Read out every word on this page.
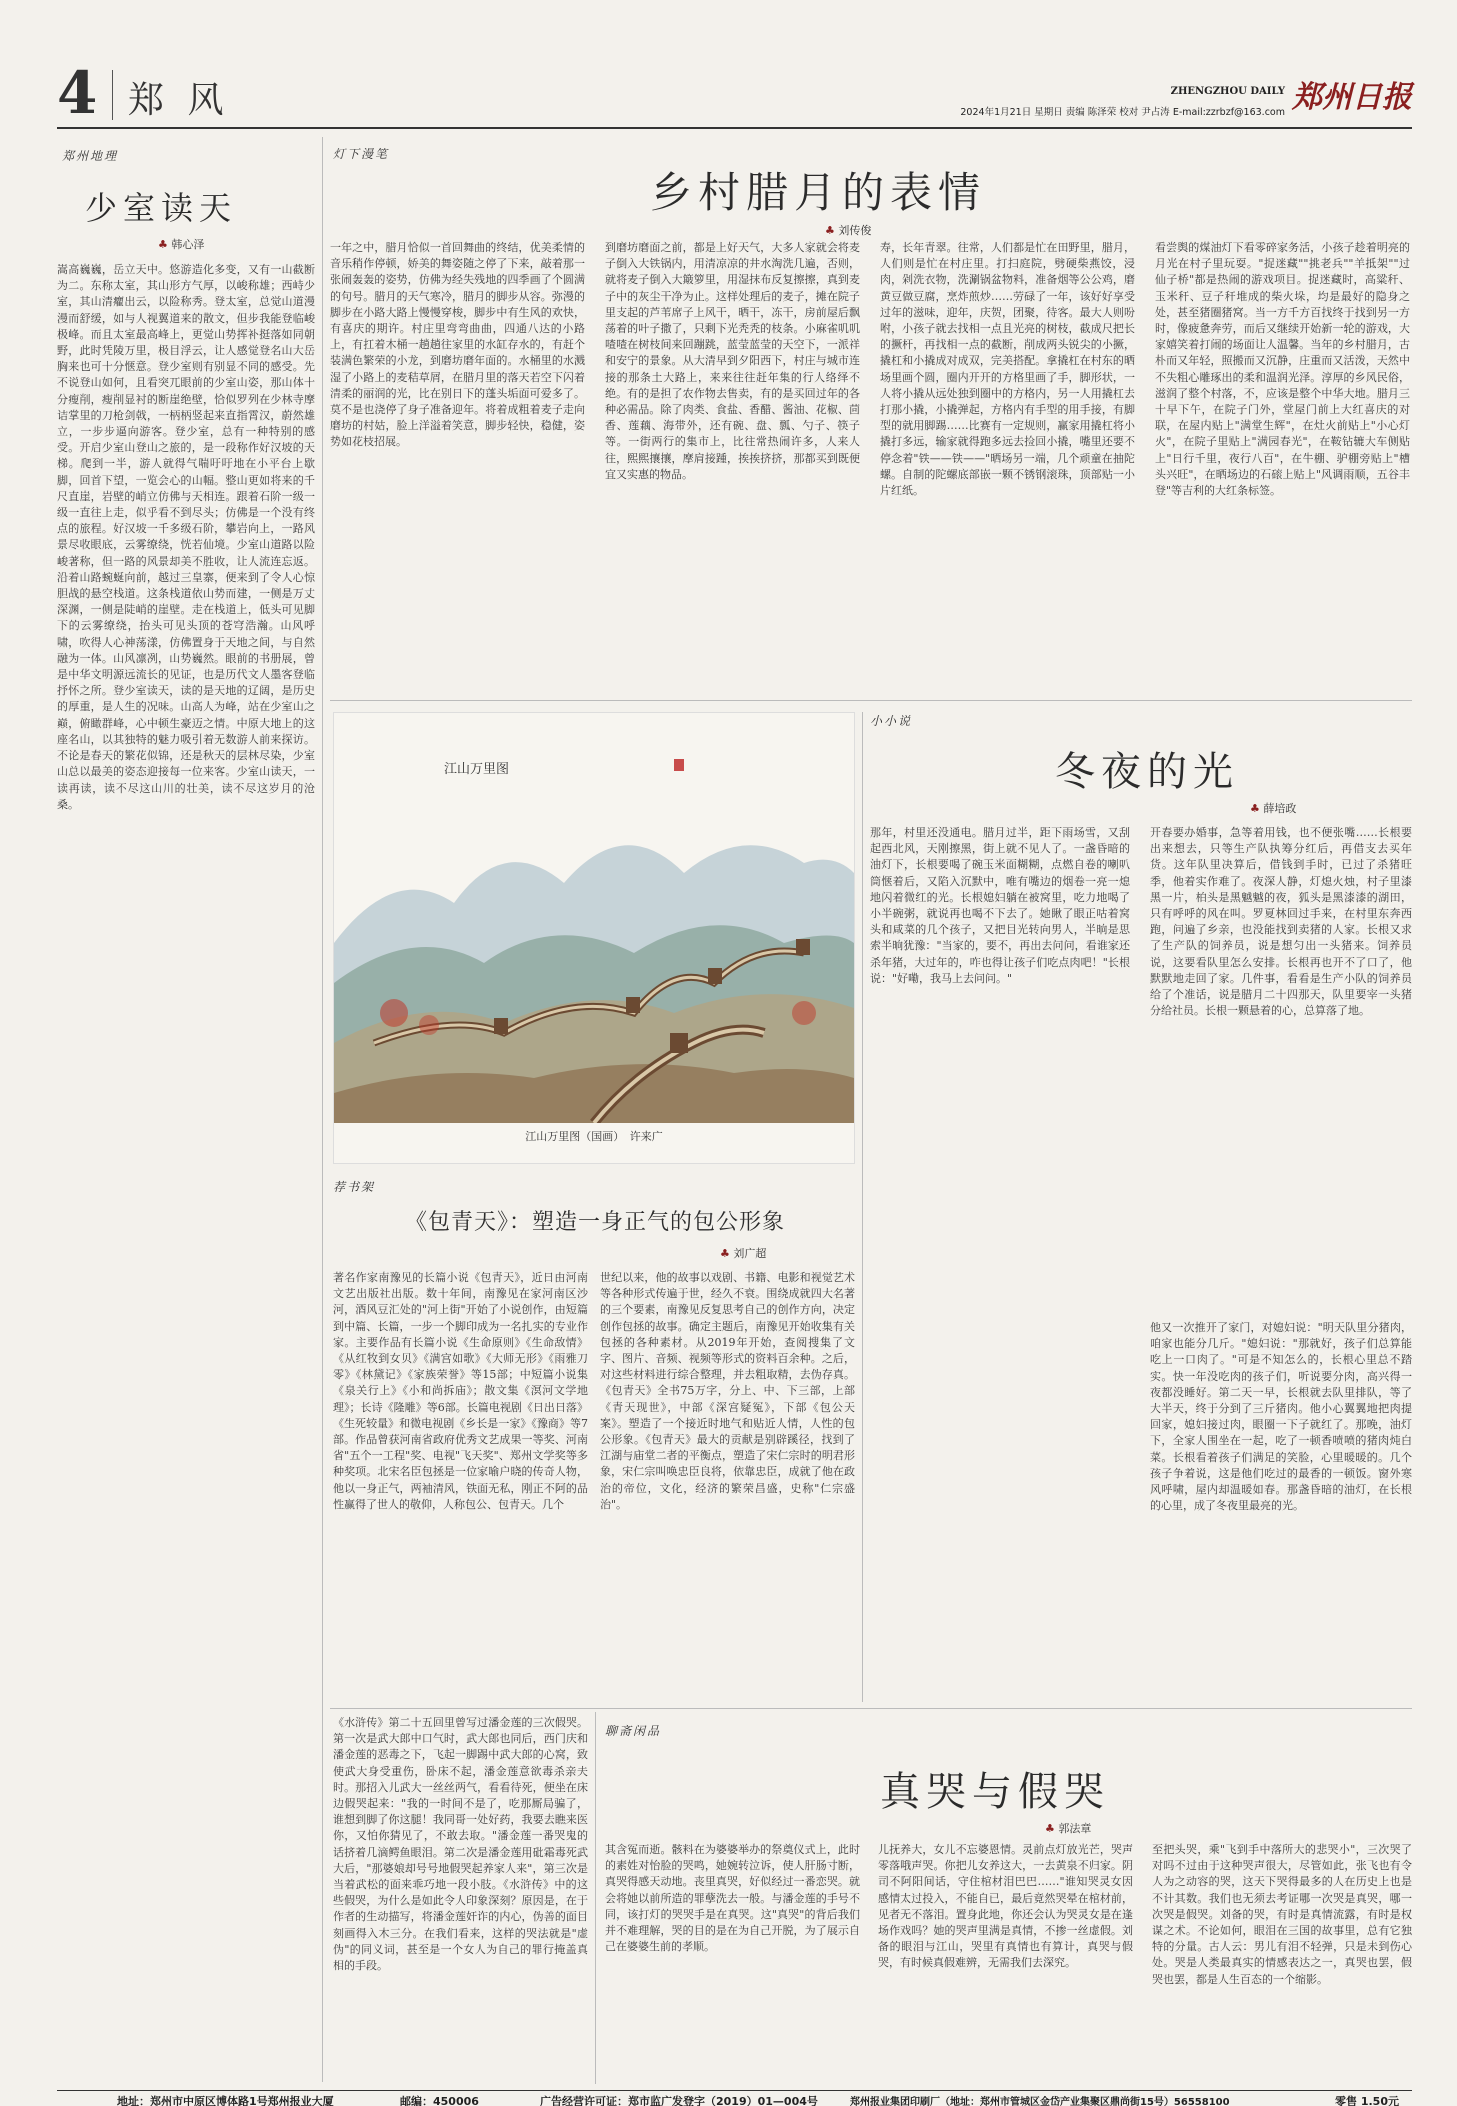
4 郑 风	ZHENGZHOU DAILY 郑州日报
2024年1月21日 星期日 责编 陈泽荣 校对 尹占涛 E-mail:zzrbzf@163.com
郑州地理
少室读天
♣ 韩心泽
嵩高巍巍，岳立天中。悠游造化多变，又有一山截断为二。东称太室，其山形方气厚，以峻称雄；西峙少室，其山清癯出云，以险称秀。登太室，总觉山道漫漫而舒缓，如与人视翼道来的散文，但步我能登临峻极峰。而且太室最高峰上，更觉山势挥补挺落如同朝野，此时凭陵万里，极目浮云，让人感觉登名山大岳胸来也可十分惬意。登少室则有别显不同的感受。先不说登山如何，且看突兀眼前的少室山姿，那山体十分瘦削，瘦削显衬的断崖绝壁，恰似罗列在少林寺摩诘掌里的刀枪剑戟，一柄柄竖起来直指霄汉，蔚然雄立，一步步逼向游客。登少室，总有一种特别的感受。开启少室山登山之旅的，是一段称作好汉坡的天梯。爬到一半，游人就得气喘吁吁地在小平台上歇脚，回首下望，一览会心的山幅。整山更如将来的千尺直崖，岩壁的峭立仿佛与天相连。跟着石阶一级一级一直往上走，似乎看不到尽头；仿佛是一个没有终点的旅程。好汉坡一千多级石阶，攀岩向上，一路风景尽收眼底，云雾缭绕，恍若仙境。少室山道路以险峻著称，但一路的风景却美不胜收，让人流连忘返。沿着山路蜿蜒向前，越过三皇寨，便来到了令人心惊胆战的悬空栈道。这条栈道依山势而建，一侧是万丈深渊，一侧是陡峭的崖壁。走在栈道上，低头可见脚下的云雾缭绕，抬头可见头顶的苍穹浩瀚。山风呼啸，吹得人心神荡漾，仿佛置身于天地之间，与自然融为一体。山风凛冽，山势巍然。眼前的书册展，曾是中华文明源远流长的见证，也是历代文人墨客登临抒怀之所。登少室读天，读的是天地的辽阔，是历史的厚重，是人生的况味。山高人为峰，站在少室山之巅，俯瞰群峰，心中顿生豪迈之情。中原大地上的这座名山，以其独特的魅力吸引着无数游人前来探访。不论是春天的繁花似锦，还是秋天的层林尽染，少室山总以最美的姿态迎接每一位来客。少室山读天，一读再读，读不尽这山川的壮美，读不尽这岁月的沧桑。
灯下漫笔
乡村腊月的表情
♣ 刘传俊
一年之中，腊月恰似一首回舞曲的终结，优美柔情的音乐稍作停顿，娇美的舞姿随之停了下来，敲着那一张闹轰轰的姿势，仿佛为经失残地的四季画了个圆满的句号。腊月的天气寒冷，腊月的脚步从容。弥漫的脚步在小路大路上慢慢穿梭，脚步中有生风的欢快，有喜庆的期许。村庄里弯弯曲曲，四通八达的小路上，有扛着木桶一趟趟往家里的水缸存水的，有赶个装满色繁荣的小龙，到磨坊磨年面的。水桶里的水溅湿了小路上的麦秸草屑，在腊月里的落天若空下闪着清柔的丽润的光，比在别日下的蓬头垢面可爱多了。莫不是也浇停了身子准备迎年。将着成粗着麦子走向磨坊的村姑，脸上洋溢着笑意，脚步轻快，稳健，姿势如花枝招展。
到磨坊磨面之前，都是上好天气，大多人家就会将麦子倒入大铁锅内，用清凉凉的井水淘洗几遍，否则，就将麦子倒入大簸箩里，用湿抹布反复擦擦，真到麦子中的灰尘干净为止。这样处理后的麦子，摊在院子里支起的芦苇席子上风干，晒干，冻干，房前屋后飘荡着的叶子撒了，只剩下光秃秃的枝条。小麻雀叽叽喳喳在树枝间来回蹦跳，蓝莹蓝莹的天空下，一派祥和安宁的景象。从大清早到夕阳西下，村庄与城市连接的那条土大路上，来来往往赶年集的行人络绎不绝。有的是担了农作物去售卖，有的是买回过年的各种必需品。除了肉类、食盐、香醋、酱油、花椒、茴香、莲藕、海带外，还有碗、盘、瓢、勺子、筷子等。一街两行的集市上，比往常热闹许多，人来人往，熙熙攘攘，摩肩接踵，挨挨挤挤，那都买到既便宜又实惠的物品。
寿，长年青翠。往常，人们都是忙在田野里，腊月，人们则是忙在村庄里。打扫庭院，劈硬柴燕饺，浸肉，剁洗衣物，洗涮锅盆物料，准备烟等公公鸡，磨黄豆做豆腐，烹炸煎炒……劳碌了一年，该好好享受过年的滋味，迎年，庆贺，团聚，待客。最大人则吩咐，小孩子就去找相一点且光亮的树枝，截成尺把长的撅杆，再找相一点的截断，削成两头锐尖的小撅，撬杠和小撬成对成双，完美搭配。拿撬杠在村东的晒场里画个圆，圈内开开的方格里画了手，脚形状，一人将小撬从远处独到圈中的方格内，另一人用撬杠去打那小撬，小撬弹起，方格内有手型的用手接，有脚型的就用脚踢……比赛有一定规则，赢家用撬杠将小撬打多远，输家就得跑多远去捡回小撬，嘴里还要不停念着"铁——铁——"晒场另一端，几个顽童在抽陀螺。自制的陀螺底部嵌一颗不锈钢滚珠，顶部贴一小片红纸。
看尝舆的煤油灯下看零碎家务活，小孩子趁着明亮的月光在村子里玩耍。"捉迷藏""挑老兵""羊抵架""过仙子桥"都是热闹的游戏项目。捉迷藏时，高粱秆、玉米秆、豆子秆堆成的柴火垛，均是最好的隐身之处，甚至猪圈猪窝。当一方千方百找终于找到另一方时，像疲惫奔劳，而后又继续开始新一轮的游戏，大家嬉笑着打闹的场面让人温馨。当年的乡村腊月，古朴而又年轻，照搬而又沉静，庄重而又活泼，天然中不失粗心雕琢出的柔和温润光泽。淳厚的乡风民俗，滋润了整个村落，不，应该是整个中华大地。腊月三十早下午，在院子门外，堂屋门前上大红喜庆的对联，在屋内贴上"满堂生辉"，在灶火前贴上"小心灯火"，在院子里贴上"满园春光"，在鞍钻辘大车侧贴上"日行千里，夜行八百"，在牛棚、驴棚旁贴上"槽头兴旺"，在晒场边的石磙上贴上"风调雨顺，五谷丰登"等吉利的大红条标签。
江山万里图
江山万里图（国画）　许来广
小小说
冬夜的光
♣ 薛培政
那年，村里还没通电。腊月过半，距下雨场雪，又刮起西北风，天刚擦黑，街上就不见人了。一盏昏暗的油灯下，长根要喝了碗玉米面糊糊，点燃自卷的喇叭筒惬着后，又陷入沉默中，唯有嘴边的烟卷一亮一熄地闪着微红的光。长根媳妇躺在被窝里，吃力地喝了小半碗粥，就说再也喝不下去了。她瞅了眼正咕着窝头和咸菜的几个孩子，又把目光转向男人，半晌是思索半晌犹豫："当家的，要不，再出去问问，看谁家还杀年猪，大过年的，咋也得让孩子们吃点肉吧！"长根说："好嘞，我马上去问问。"
开春要办婚事，急等着用钱，也不便张嘴……长根要出来想去，只等生产队执筹分红后，再借支去买年货。这年队里决算后，借钱到手时，已过了杀猪旺季，他着实作难了。夜深人静，灯熄火烛，村子里漆黑一片，柏头是黑魆魆的夜，狐头是黑漆漆的湖田，只有呼呼的风在叫。罗夏林回过手来，在村里东奔西跑，问遍了乡亲，也没能找到卖猪的人家。长根又求了生产队的饲养员，说是想匀出一头猪来。饲养员说，这要看队里怎么安排。长根再也开不了口了，他默默地走回了家。几件事，看看是生产小队的饲养员给了个准话，说是腊月二十四那天，队里要宰一头猪分给社员。长根一颗悬着的心，总算落了地。
他又一次推开了家门，对媳妇说："明天队里分猪肉，咱家也能分几斤。"媳妇说："那就好，孩子们总算能吃上一口肉了。"可是不知怎么的，长根心里总不踏实。快一年没吃肉的孩子们，听说要分肉，高兴得一夜都没睡好。第二天一早，长根就去队里排队，等了大半天，终于分到了三斤猪肉。他小心翼翼地把肉提回家，媳妇接过肉，眼圈一下子就红了。那晚，油灯下，全家人围坐在一起，吃了一顿香喷喷的猪肉炖白菜。长根看着孩子们满足的笑脸，心里暖暖的。几个孩子争着说，这是他们吃过的最香的一顿饭。窗外寒风呼啸，屋内却温暖如春。那盏昏暗的油灯，在长根的心里，成了冬夜里最亮的光。
荐书架
《包青天》：塑造一身正气的包公形象
♣ 刘广超
著名作家南豫见的长篇小说《包青天》，近日由河南文艺出版社出版。数十年间，南豫见在家河南区沙河，酒风豆汇处的"河上街"开始了小说创作，由短篇到中篇、长篇，一步一个脚印成为一名扎实的专业作家。主要作品有长篇小说《生命原则》《生命敌情》《从红牧到女贝》《满宫如歌》《大师无形》《雨雅刀零》《林黛记》《家族荣誉》等15部；中短篇小说集《泉关行上》《小和尚拆庙》；散文集《溟河文学地理》；长诗《隆雕》等6部。长篇电视剧《日出日落》《生死较量》和微电视剧《乡长是一家》《豫商》等7部。作品曾获河南省政府优秀文艺成果一等奖、河南省"五个一工程"奖、电视"飞天奖"、郑州文学奖等多种奖项。北宋名臣包拯是一位家喻户晓的传奇人物，他以一身正气，两袖清风，铁面无私，刚正不阿的品性赢得了世人的敬仰，人称包公、包青天。几个
世纪以来，他的故事以戏剧、书籍、电影和视觉艺术等各种形式传遍于世，经久不衰。围绕成就四大名著的三个要素，南豫见反复思考自己的创作方向，决定创作包拯的故事。确定主题后，南豫见开始收集有关包拯的各种素材。从2019年开始，查阅搜集了文字、图片、音频、视频等形式的资料百余种。之后，对这些材料进行综合整理，并去粗取精，去伪存真。《包青天》全书75万字，分上、中、下三部，上部《青天现世》，中部《深宫疑冤》，下部《包公天案》。塑造了一个接近时地气和贴近人情，人性的包公形象。《包青天》最大的贡献是别辟蹊径，找到了江湖与庙堂二者的平衡点，塑造了宋仁宗时的明君形象，宋仁宗叫唤忠臣良将，依靠忠臣，成就了他在政治的帝位，文化，经济的繁荣昌盛，史称"仁宗盛治"。
《水浒传》第二十五回里曾写过潘金莲的三次假哭。第一次是武大郎中口气时，武大郎也同后，西门庆和潘金莲的恶毒之下，飞起一脚踢中武大郎的心窝，致使武大身受重伤，卧床不起，潘金莲意欲毒杀亲夫时。那招入儿武大一丝丝两气，看看待死，便坐在床边假哭起来："我的一时间不是了，吃那厮局骗了，谁想到脚了你这腿！我同哥一处好药，我要去瞧来医你，又怕你猜见了，不敢去取。"潘金莲一番哭鬼的话挤着几滴鳄鱼眼泪。第二次是潘金莲用砒霜毒死武大后，"那婆娘却号号地假哭起养家人来"，第三次是当着武松的面来乖巧地一段小肢。《水浒传》中的这些假哭，为什么是如此令人印象深刻？原因是，在于作者的生动描写，将潘金莲奸诈的内心，伪善的面目刻画得入木三分。在我们看来，这样的哭法就是"虚伪"的同义词，甚至是一个女人为自己的罪行掩盖真相的手段。
聊斋闲品
真哭与假哭
♣ 郭法章
其含冤而逝。骸料在为婆婆举办的祭奠仪式上，此时的素姓对怡脸的哭鸣，她婉转泣诉，使人肝肠寸断，真哭得感天动地。丧里真哭，好似经过一番恋哭。就会将她以前所造的罪孽洗去一般。与潘金莲的手号不同，该打灯的哭哭手是在真哭。这"真哭"的背后我们并不难理解，哭的目的是在为自己开脱，为了展示自己在婆婆生前的孝顺。
儿抚养大，女儿不忘婆恩情。灵前点灯放光芒，哭声零落哦声哭。你把儿女养这大，一去黄泉不归家。阴司不阿阳间话，守住棺材泪巴巴……"谁知哭灵女因感情太过投入，不能自已，最后竟然哭晕在棺材前，见者无不落泪。置身此地，你还会认为哭灵女是在逢场作戏吗？她的哭声里满是真情，不掺一丝虚假。刘备的眼泪与江山，哭里有真情也有算计，真哭与假哭，有时候真假难辨，无需我们去深究。
至把头哭，乘"飞到手中落所大的悲哭小"，三次哭了对吗不过由于这种哭声很大，尽管如此，张飞也有令人为之动容的哭，这天下哭得最多的人在历史上也是不计其数。我们也无须去考证哪一次哭是真哭，哪一次哭是假哭。刘备的哭，有时是真情流露，有时是权谋之术。不论如何，眼泪在三国的故事里，总有它独特的分量。古人云：男儿有泪不轻弹，只是未到伤心处。哭是人类最真实的情感表达之一，真哭也罢，假哭也罢，都是人生百态的一个缩影。
地址：郑州市中原区博体路1号郑州报业大厦	邮编：450006	广告经营许可证：郑市监广发登字（2019）01—004号	郑州报业集团印刷厂（地址：郑州市管城区金岱产业集聚区鼎尚街15号）56558100	零售 1.50元
